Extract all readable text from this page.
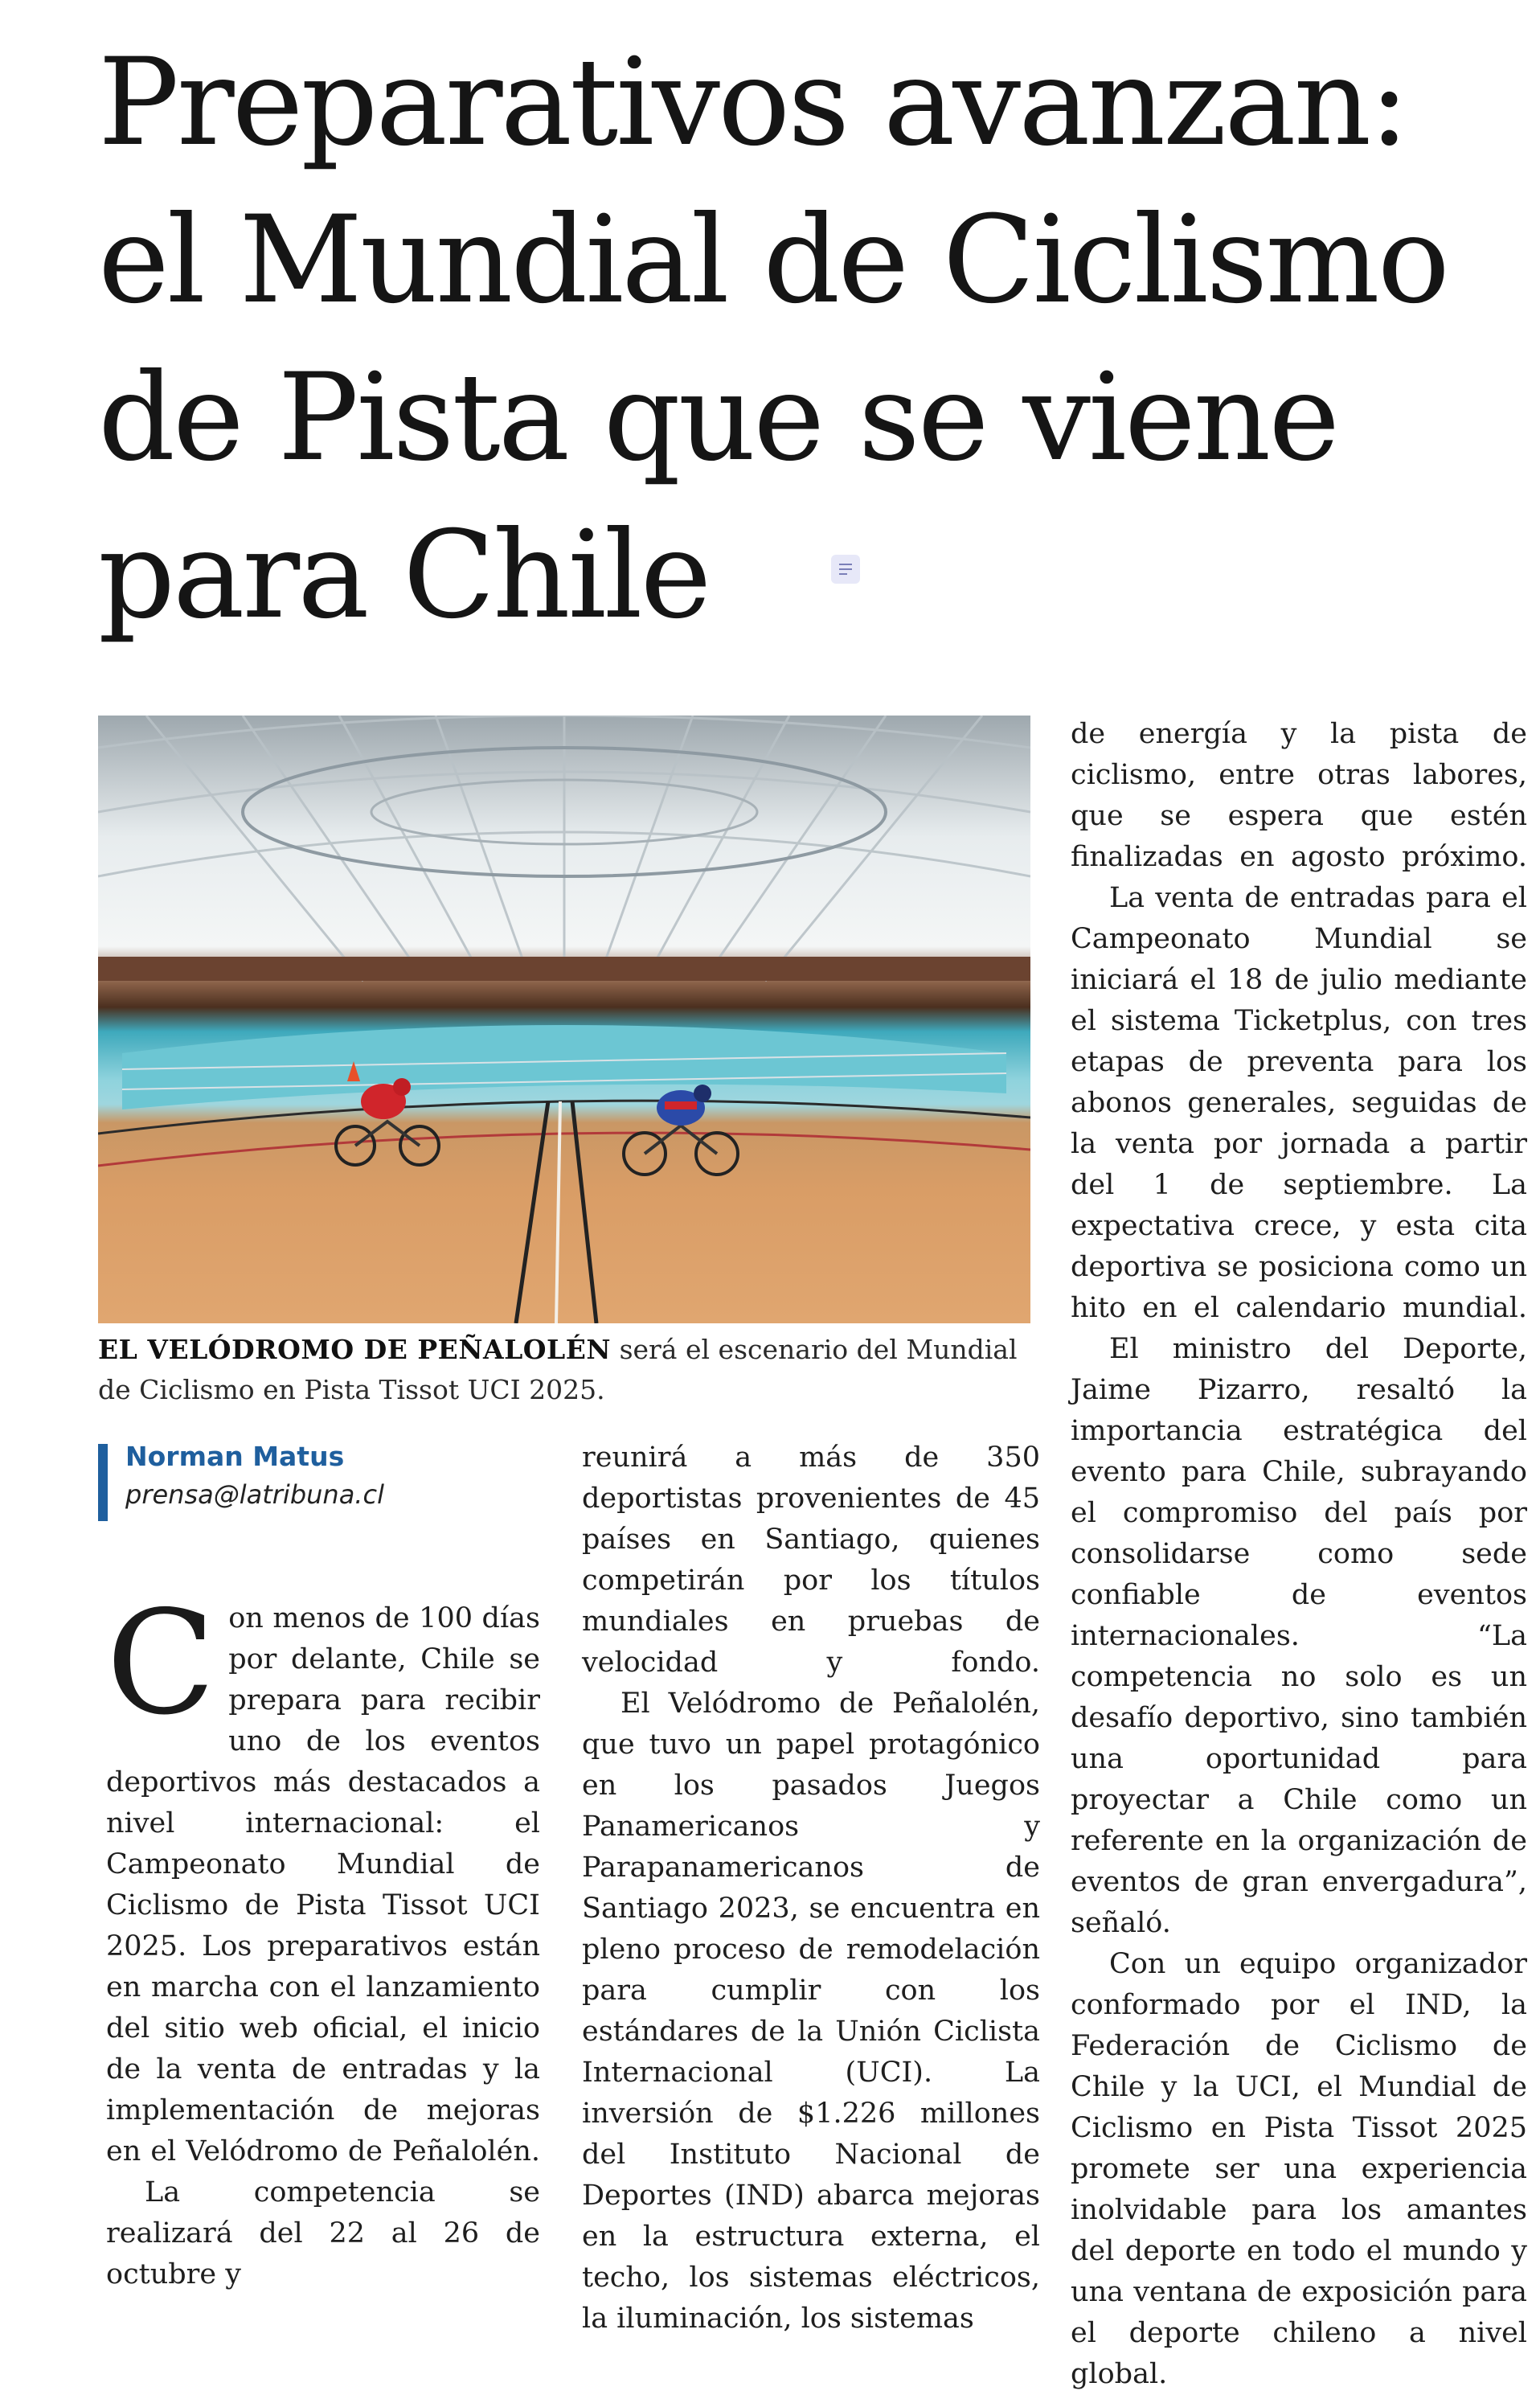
Preparativos avanzan:
el Mundial de Ciclismo
de Pista que se viene
para Chile
EL VELÓDROMO DE PEÑALOLÉN será el escenario del Mundial de Ciclismo en Pista Tissot UCI 2025.
Norman Matus
prensa@latribuna.cl

Con menos de 100 días por delante, Chile se prepara para recibir uno de los eventos deportivos más destacados a nivel internacional: el Campeonato Mundial de Ciclismo de Pista Tissot UCI 2025. Los preparativos están en marcha con el lanzamiento del sitio web oficial, el inicio de la venta de entradas y la implementación de mejoras en el Velódromo de Peñalolén.

La competencia se realizará del 22 al 26 de octubre y

reunirá a más de 350 deportistas provenientes de 45 países en Santiago, quienes competirán por los títulos mundiales en pruebas de velocidad y fondo.

El Velódromo de Peñalolén, que tuvo un papel protagónico en los pasados Juegos Panamericanos y Parapanamericanos de Santiago 2023, se encuentra en pleno proceso de remodelación para cumplir con los estándares de la Unión Ciclista Internacional (UCI). La inversión de $1.226 millones del Instituto Nacional de Deportes (IND) abarca mejoras en la estructura externa, el techo, los sistemas eléctricos, la iluminación, los sistemas

de energía y la pista de ciclismo, entre otras labores, que se espera que estén finalizadas en agosto próximo.

La venta de entradas para el Campeonato Mundial se iniciará el 18 de julio mediante el sistema Ticketplus, con tres etapas de preventa para los abonos generales, seguidas de la venta por jornada a partir del 1 de septiembre. La expectativa crece, y esta cita deportiva se posiciona como un hito en el calendario mundial.

El ministro del Deporte, Jaime Pizarro, resaltó la importancia estratégica del evento para Chile, subrayando el compromiso del país por consolidarse como sede confiable de eventos internacionales. “La competencia no solo es un desafío deportivo, sino también una oportunidad para proyectar a Chile como un referente en la organización de eventos de gran envergadura”, señaló.

Con un equipo organizador conformado por el IND, la Federación de Ciclismo de Chile y la UCI, el Mundial de Ciclismo en Pista Tissot 2025 promete ser una experiencia inolvidable para los amantes del deporte en todo el mundo y una ventana de exposición para el deporte chileno a nivel global.
